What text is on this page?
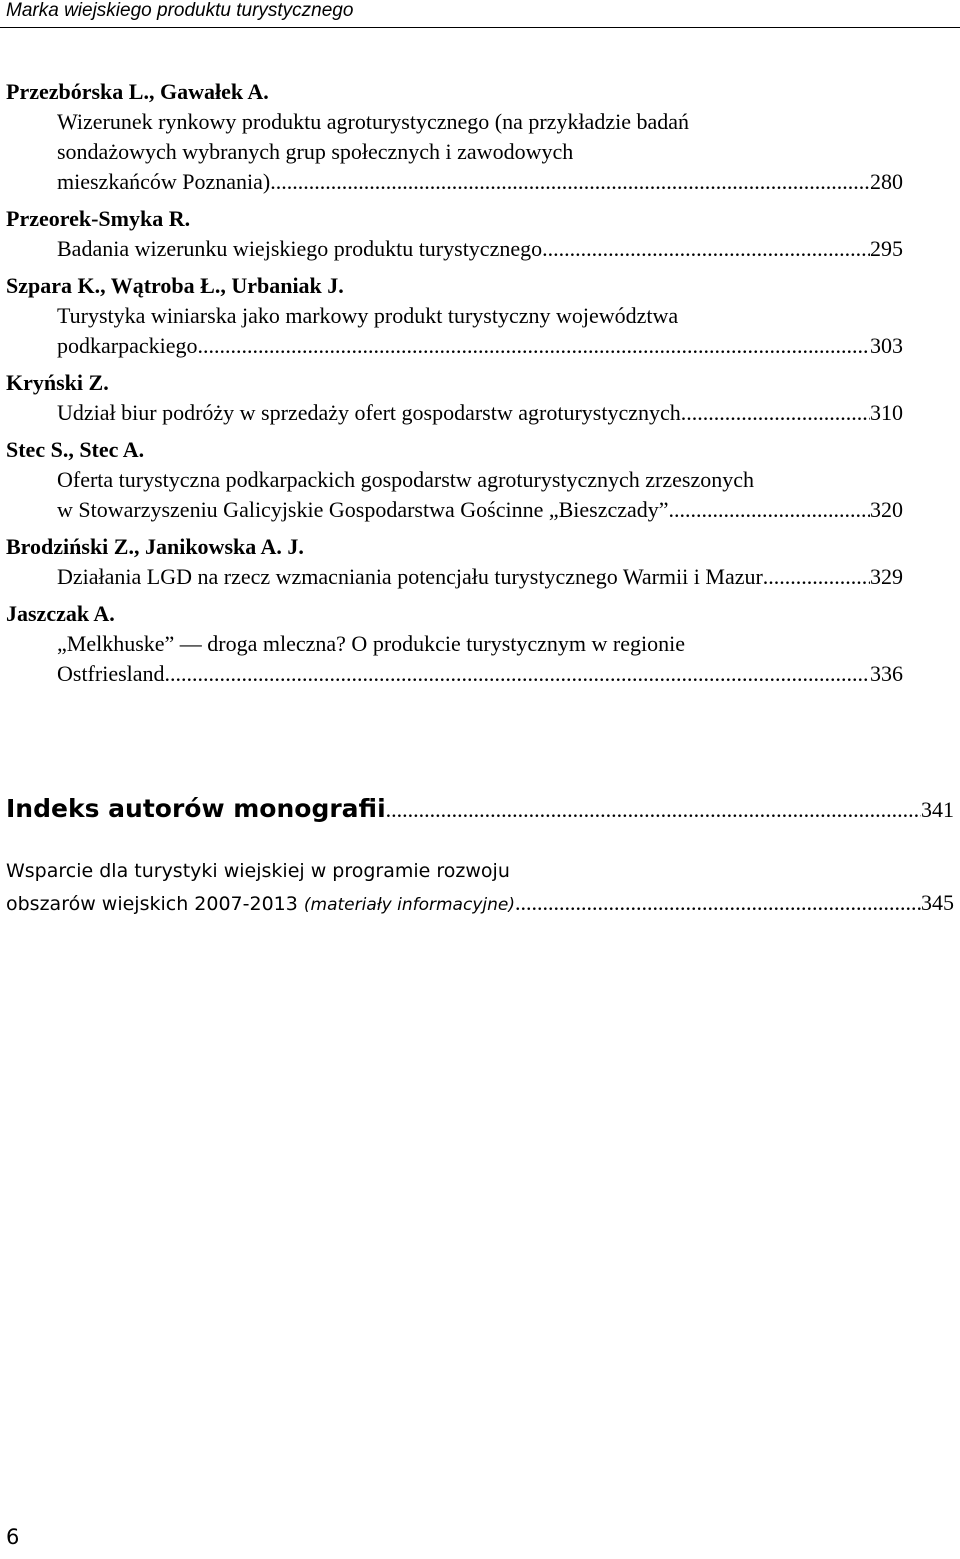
Marka wiejskiego produktu turystycznego
Przezbórska L., Gawałek A.
Wizerunek rynkowy produktu agroturystycznego (na przykładzie badań
sondażowych wybranych grup społecznych i zawodowych
mieszkańców Poznania) .....	280
Przeorek-Smyka R.
Badania wizerunku wiejskiego produktu turystycznego .....	295
Szpara K., Wątroba Ł., Urbaniak J.
Turystyka winiarska jako markowy produkt turystyczny województwa
podkarpackiego .....	303
Kryński Z.
Udział biur podróży w sprzedaży ofert gospodarstw agroturystycznych .....	310
Stec S., Stec A.
Oferta turystyczna podkarpackich gospodarstw agroturystycznych zrzeszonych
w Stowarzyszeniu Galicyjskie Gospodarstwa Gościnne „Bieszczady” .....	320
Brodziński Z., Janikowska A. J.
Działania LGD na rzecz wzmacniania potencjału turystycznego Warmii i Mazur .....	329
Jaszczak A.
„Melkhuske” — droga mleczna? O produkcie turystycznym w regionie
Ostfriesland .....	336
Indeks autorów monografii .....	341
Wsparcie dla turystyki wiejskiej w programie rozwoju
obszarów wiejskich 2007-2013 (materiały informacyjne) .....	345
6
